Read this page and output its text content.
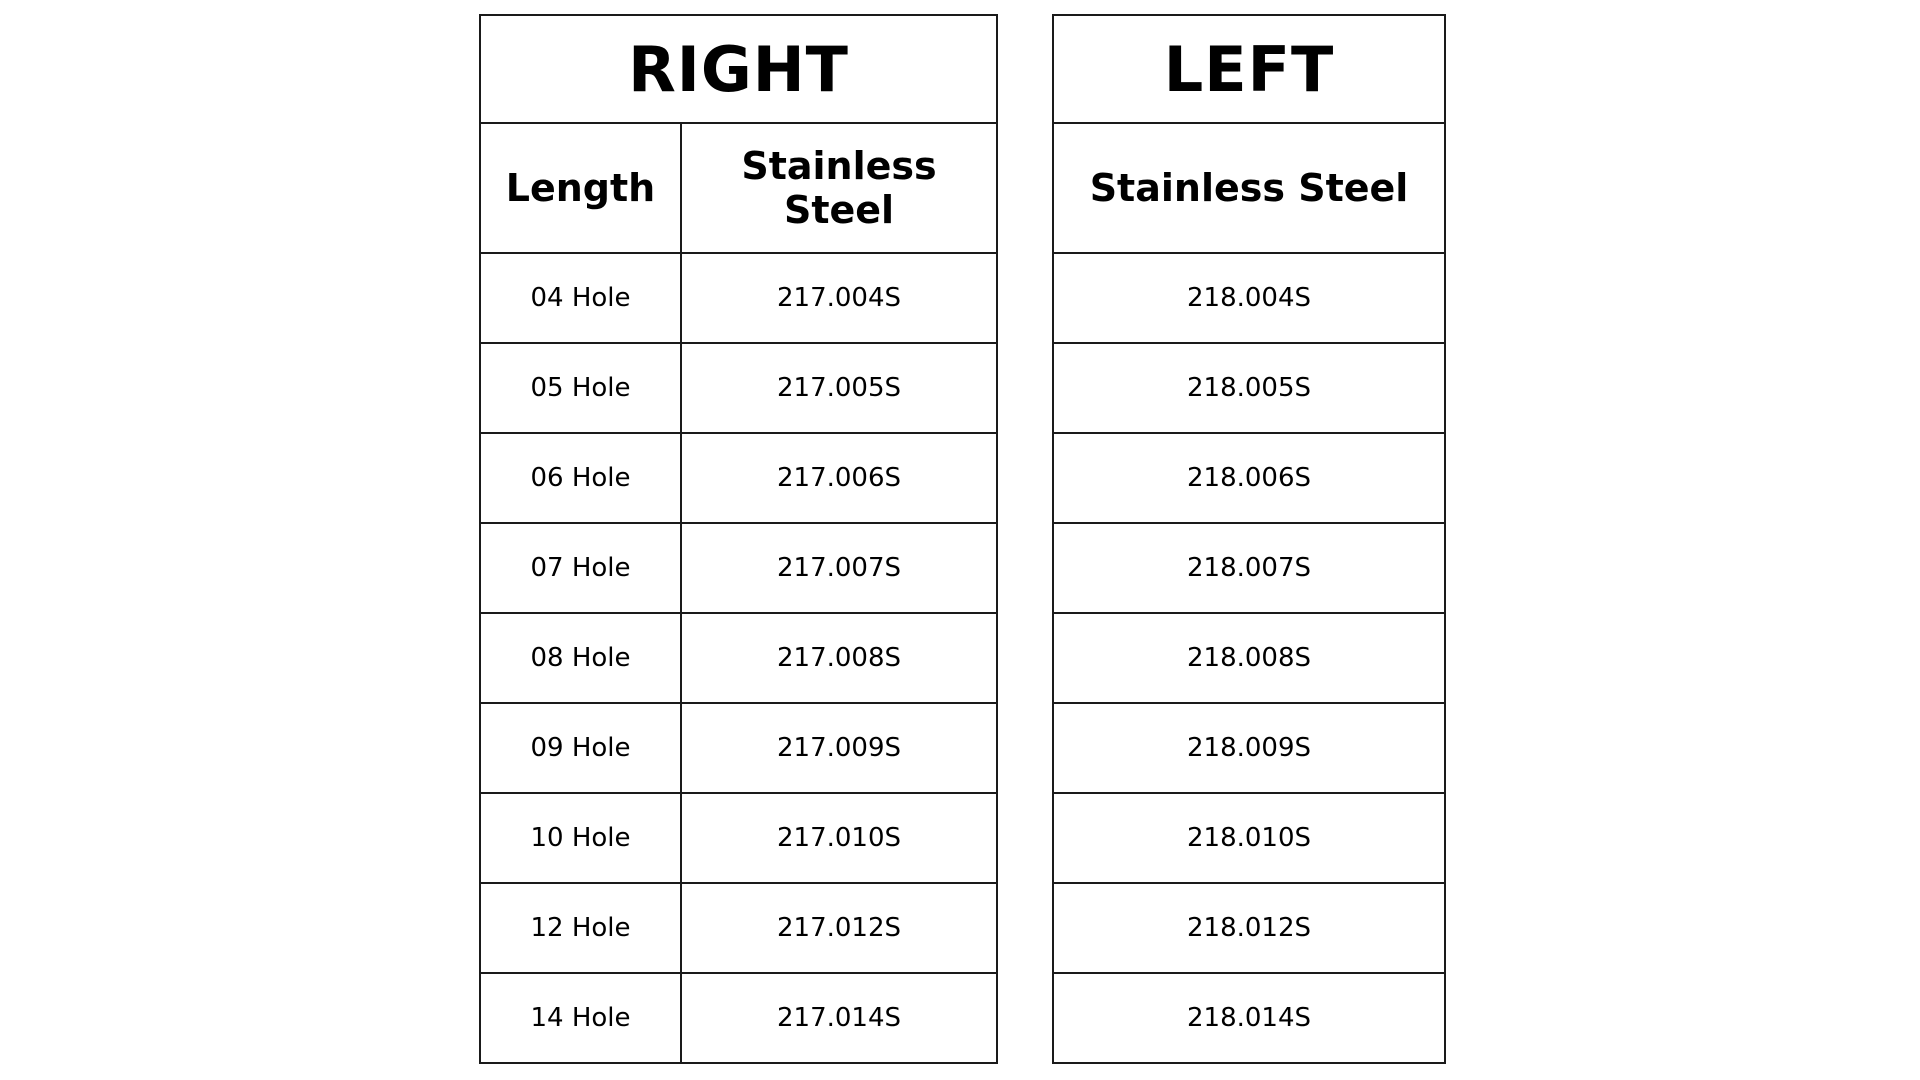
RIGHT	
Length	Stainless Steel
04 Hole	217.004S
05 Hole	217.005S
06 Hole	217.006S
07 Hole	217.007S
08 Hole	217.008S
09 Hole	217.009S
10 Hole	217.010S
12 Hole	217.012S
14 Hole	217.014S
LEFT
Stainless Steel
218.004S
218.005S
218.006S
218.007S
218.008S
218.009S
218.010S
218.012S
218.014S
